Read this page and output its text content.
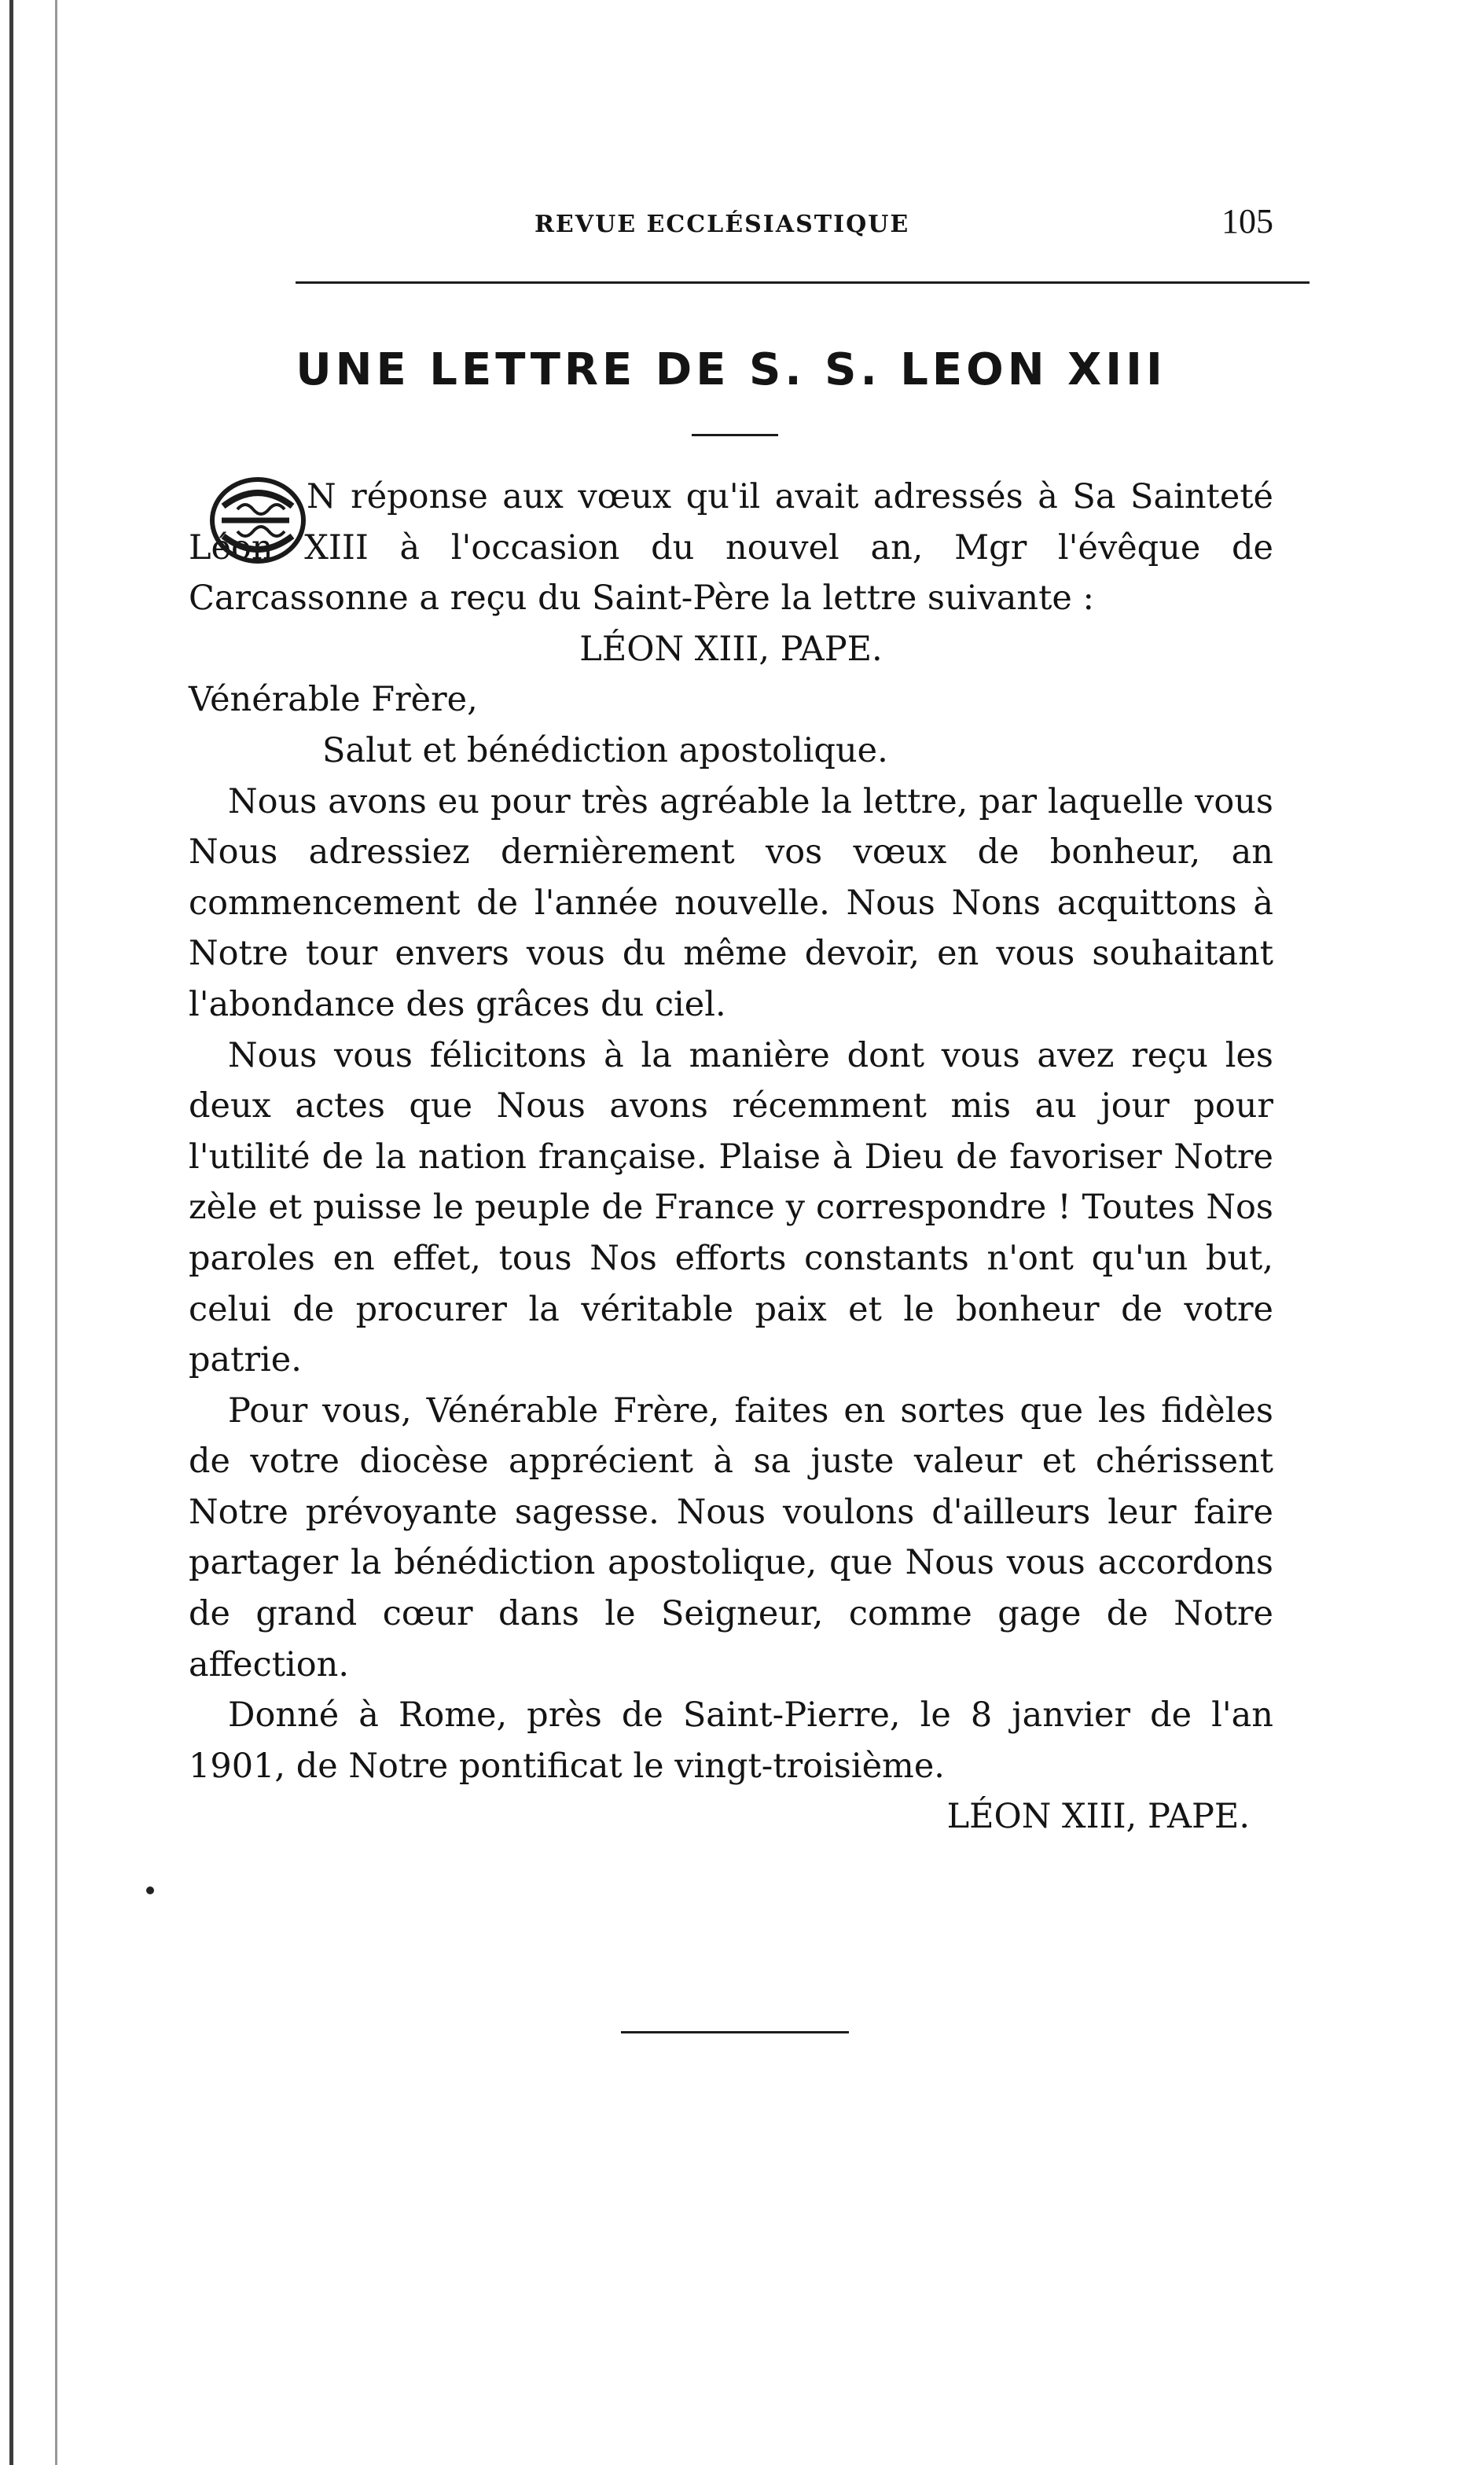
REVUE ECCLÉSIASTIQUE	105
UNE LETTRE DE S. S. LEON XIII

N réponse aux vœux qu'il avait adressés à Sa Sainteté Léon XIII à l'occasion du nouvel an, Mgr l'évêque de Carcassonne a reçu du Saint-Père la lettre suivante :

LÉON XIII, PAPE.

Vénérable Frère,

Salut et bénédiction apostolique.

Nous avons eu pour très agréable la lettre, par laquelle vous Nous adressiez dernièrement vos vœux de bonheur, an commencement de l'année nouvelle. Nous Nons acquittons à Notre tour envers vous du même devoir, en vous souhaitant l'abondance des grâces du ciel.

Nous vous félicitons à la manière dont vous avez reçu les deux actes que Nous avons récemment mis au jour pour l'utilité de la nation française. Plaise à Dieu de favoriser Notre zèle et puisse le peuple de France y correspondre ! Toutes Nos paroles en effet, tous Nos efforts constants n'ont qu'un but, celui de procurer la véritable paix et le bonheur de votre patrie.

Pour vous, Vénérable Frère, faites en sortes que les fidèles de votre diocèse apprécient à sa juste valeur et chérissent Notre prévoyante sagesse. Nous voulons d'ailleurs leur faire partager la bénédiction apostolique, que Nous vous accordons de grand cœur dans le Seigneur, comme gage de Notre affection.

Donné à Rome, près de Saint-Pierre, le 8 janvier de l'an 1901, de Notre pontificat le vingt-troisième.

LÉON XIII, PAPE.
